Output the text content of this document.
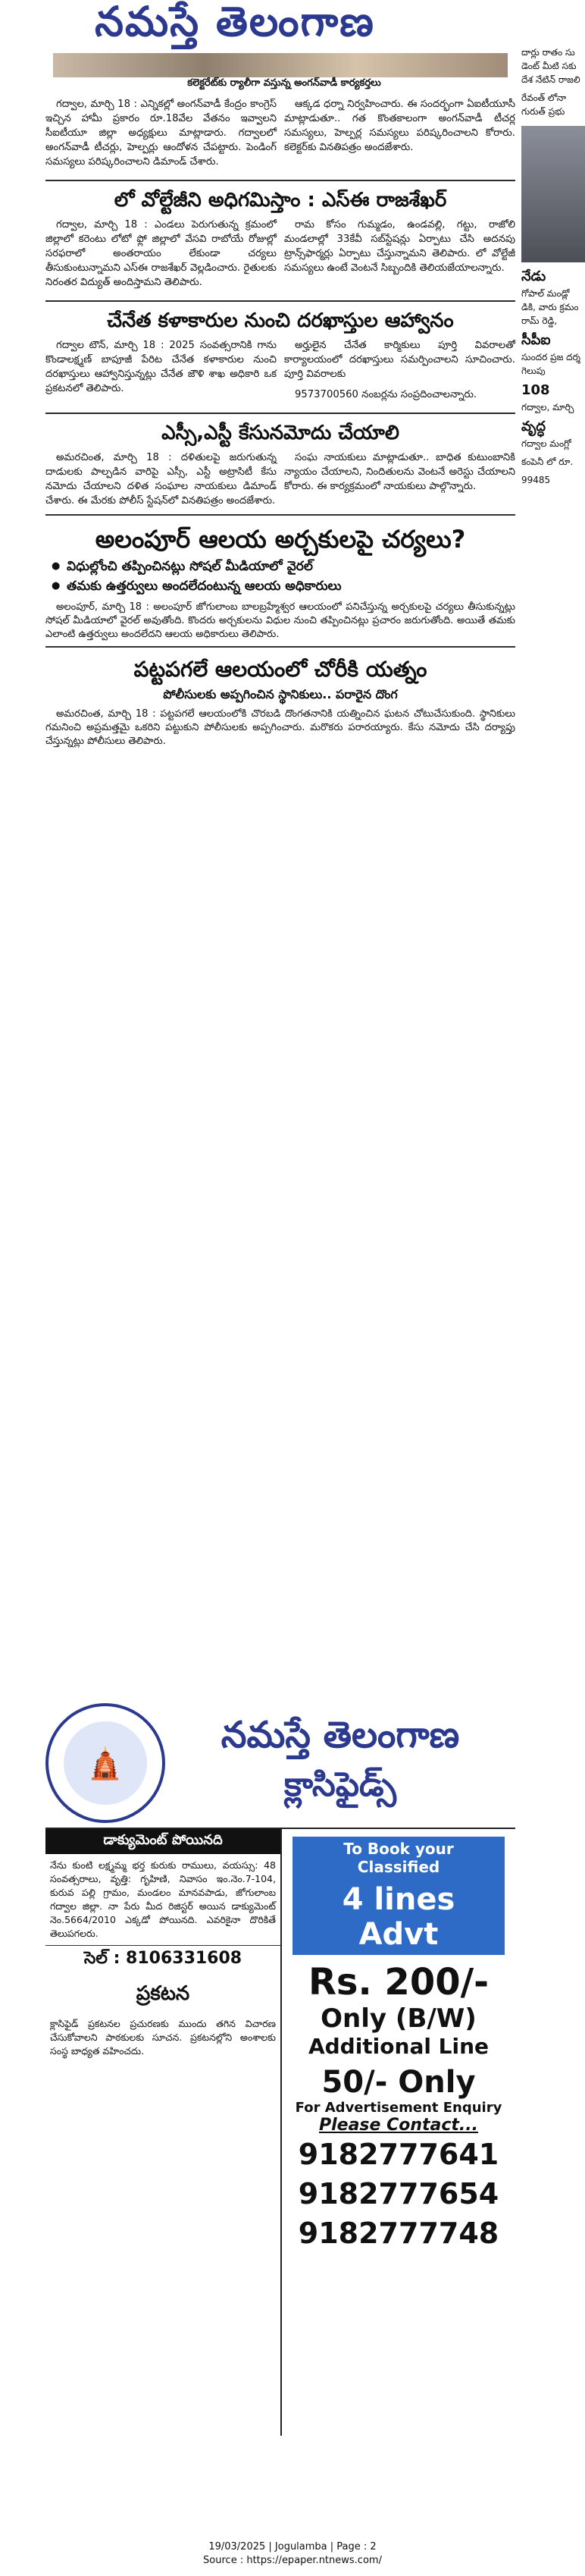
నమస్తే తెలంగాణ
కలెక్టరేట్‌కు ర్యాలీగా వస్తున్న అంగన్‌వాడీ కార్యకర్తలు

గద్వాల, మార్చి 18 : ఎన్నికల్లో అంగన్‌వాడీ కేంద్రం కాంగ్రెస్ ఇచ్చిన హామీ ప్రకారం రూ.18వేల వేతనం ఇవ్వాలని సీఐటీయూ జిల్లా అధ్యక్షులు మాట్లాడారు. గద్వాలలో అంగన్‌వాడీ టీచర్లు, హెల్పర్లు ఆందోళన చేపట్టారు. పెండింగ్ సమస్యలు పరిష్కరించాలని డిమాండ్ చేశారు.

ఆక్కడ ధర్నా నిర్వహించారు. ఈ సందర్భంగా ఏఐటీయూసీ మాట్లాడుతూ.. గత కొంతకాలంగా అంగన్‌వాడీ టీచర్ల సమస్యలు, హెల్పర్ల సమస్యలు పరిష్కరించాలని కోరారు. కలెక్టర్‌కు వినతిపత్రం అందజేశారు.

లో వోల్టేజీని అధిగమిస్తాం : ఎస్ఈ రాజశేఖర్

గద్వాల, మార్చి 18 : ఎండలు పెరుగుతున్న క్రమంలో జిల్లాలో కరెంటు లోటో ఫ్లో జిల్లాలో వేసవి రాబోయే రోజుల్లో సరఫరాలో అంతరాయం లేకుండా చర్యలు తీసుకుంటున్నామని ఎస్ఈ రాజశేఖర్ వెల్లడించారు. రైతులకు నిరంతర విద్యుత్ అందిస్తామని తెలిపారు.

రామ కోసం గుమ్మడం, ఉండవల్లి, గట్టు, రాజోలి మండలాల్లో 33కేవీ సబ్‌స్టేషన్లు ఏర్పాటు చేసి అదనపు ట్రాన్స్‌ఫార్మర్లు ఏర్పాటు చేస్తున్నామని తెలిపారు. లో వోల్టేజీ సమస్యలు ఉంటే వెంటనే సిబ్బందికి తెలియజేయాలన్నారు.

చేనేత కళాకారుల నుంచి దరఖాస్తుల ఆహ్వానం

గద్వాల టౌన్, మార్చి 18 : 2025 సంవత్సరానికి గాను కొండాలక్ష్మణ్ బాపూజీ పేరిట చేనేత కళాకారుల నుంచి దరఖాస్తులు ఆహ్వానిస్తున్నట్లు చేనేత జౌళి శాఖ అధికారి ఒక ప్రకటనలో తెలిపారు.

అర్హులైన చేనేత కార్మికులు పూర్తి వివరాలతో కార్యాలయంలో దరఖాస్తులు సమర్పించాలని సూచించారు. పూర్తి వివరాలకు

9573700560 నంబర్లను సంప్రదించాలన్నారు.

ఎస్సీ,ఎస్టీ కేసునమోదు చేయాలి

అమరచింత, మార్చి 18 : దళితులపై జరుగుతున్న దాడులకు పాల్పడిన వారిపై ఎస్సీ, ఎస్టీ అట్రాసిటీ కేసు నమోదు చేయాలని దళిత సంఘాల నాయకులు డిమాండ్ చేశారు. ఈ మేరకు పోలీస్ స్టేషన్‌లో వినతిపత్రం అందజేశారు.

సంఘ నాయకులు మాట్లాడుతూ.. బాధిత కుటుంబానికి న్యాయం చేయాలని, నిందితులను వెంటనే అరెస్టు చేయాలని కోరారు. ఈ కార్యక్రమంలో నాయకులు పాల్గొన్నారు.

అలంపూర్ ఆలయ అర్చకులపై చర్యలు?
● విధుల్లోంచి తప్పించినట్లు సోషల్ మీడియాలో వైరల్
● తమకు ఉత్తర్వులు అందలేదంటున్న ఆలయ అధికారులు

అలంపూర్, మార్చి 18 : అలంపూర్ జోగులాంబ బాలబ్రహ్మేశ్వర ఆలయంలో పనిచేస్తున్న అర్చకులపై చర్యలు తీసుకున్నట్లు సోషల్ మీడియాలో వైరల్ అవుతోంది. కొందరు అర్చకులను విధుల నుంచి తప్పించినట్లు ప్రచారం జరుగుతోంది. అయితే తమకు ఎలాంటి ఉత్తర్వులు అందలేదని ఆలయ అధికారులు తెలిపారు.

పట్టపగలే ఆలయంలో చోరీకి యత్నం
పోలీసులకు అప్పగించిన స్థానికులు.. పరారైన దొంగ

అమరచింత, మార్చి 18 : పట్టపగలే ఆలయంలోకి చొరబడి దొంగతనానికి యత్నించిన ఘటన చోటుచేసుకుంది. స్థానికులు గమనించి అప్రమత్తమై ఒకరిని పట్టుకుని పోలీసులకు అప్పగించారు. మరొకరు పరారయ్యారు. కేసు నమోదు చేసి దర్యాప్తు చేస్తున్నట్లు పోలీసులు తెలిపారు.

దార్లు రాతం సు డెంట్ మీటి సకు దేశ నేటిన్ రాజలి

రేవంత్ లోనా గురుత్ ప్రభు

నేడు

గోపాల్ మండ్లో డికి, వారు క్రమం రామ్ రెడ్డి,

సీపీఐ

సుందర ప్రజ దర్శ గెలుపు

108

గద్వాల, మార్చి

వృద్ధ

గద్వాల మంగ్లో

కంపెనీ లో రూ.

99485

🛕
నమస్తే తెలంగాణ
క్లాసిఫైడ్స్
డాక్యుమెంట్ పోయినది
నేను కుంటి లక్ష్మమ్మ భర్త కురుకు రాములు, వయస్సు: 48 సంవత్సరాలు, వృత్తి: గృహిణి, నివాసం ఇం.నెం.7-104, కురువ పల్లి గ్రామం, మండలం మానవపాడు, జోగులాంబ గద్వాల జిల్లా. నా పేరు మీద రిజిస్టర్ అయిన డాక్యుమెంట్ నెం.5664/2010 ఎక్కడో పోయినది. ఎవరికైనా దొరికితే తెలుపగలరు.
సెల్ : 8106331608
ప్రకటన
క్లాసిఫైడ్ ప్రకటనల ప్రచురణకు ముందు తగిన విచారణ చేసుకోవాలని పాఠకులకు సూచన. ప్రకటనల్లోని అంశాలకు సంస్థ బాధ్యత వహించదు.
To Book your Classified
4 lines Advt
Rs. 200/-
Only (B/W)
Additional Line
50/- Only
For Advertisement Enquiry
Please Contact...
9182777641
9182777654
9182777748
19/03/2025 | Jogulamba | Page : 2
Source : https://epaper.ntnews.com/
